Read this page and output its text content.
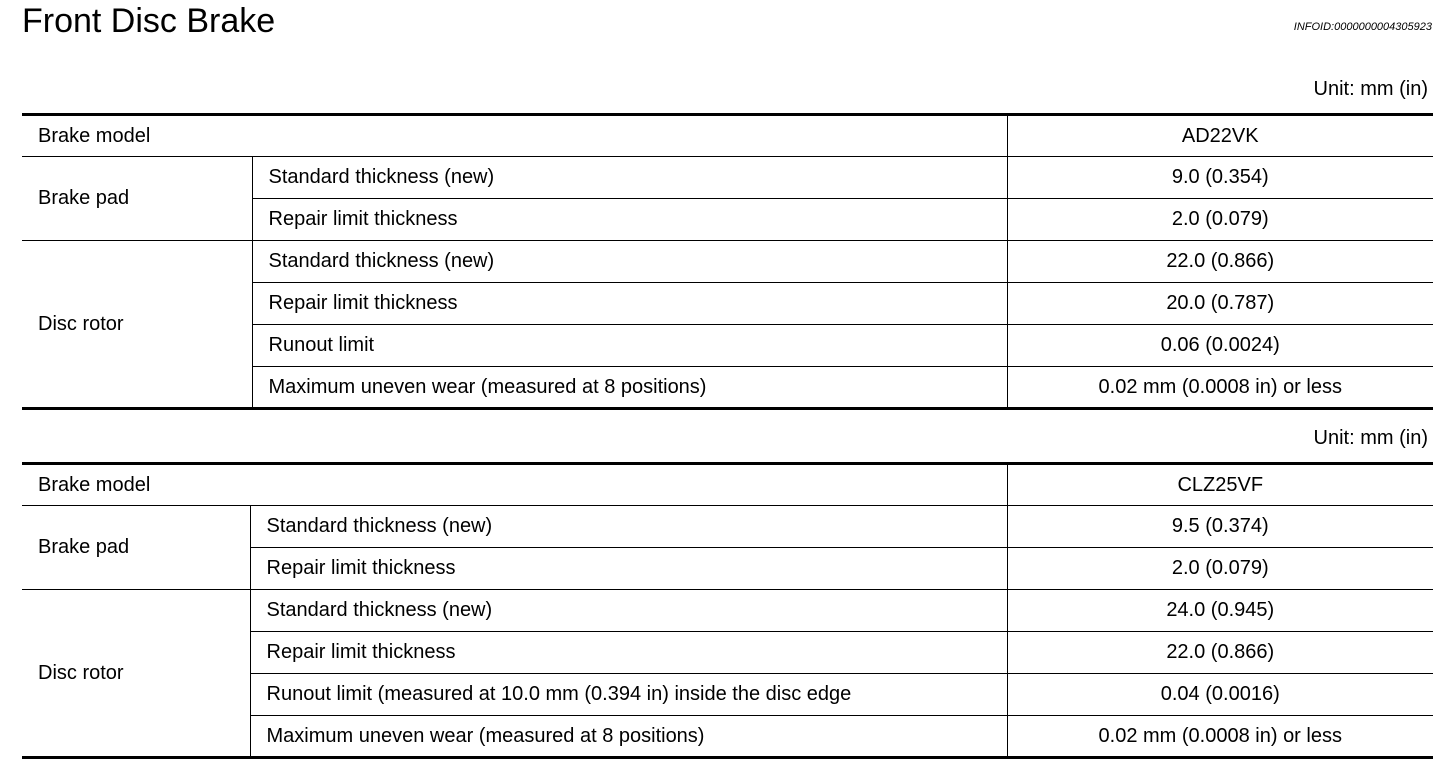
Front Disc Brake	INFOID:0000000004305923
Unit: mm (in)
Brake model		AD22VK
Brake pad	Standard thickness (new)	9.0 (0.354)
	Repair limit thickness	2.0 (0.079)
Disc rotor	Standard thickness (new)	22.0 (0.866)
	Repair limit thickness	20.0 (0.787)
	Runout limit	0.06 (0.0024)
	Maximum uneven wear (measured at 8 positions)	0.02 mm (0.0008 in) or less
Unit: mm (in)
Brake model		CLZ25VF
Brake pad	Standard thickness (new)	9.5 (0.374)
	Repair limit thickness	2.0 (0.079)
Disc rotor	Standard thickness (new)	24.0 (0.945)
	Repair limit thickness	22.0 (0.866)
	Runout limit (measured at 10.0 mm (0.394 in) inside the disc edge	0.04 (0.0016)
	Maximum uneven wear (measured at 8 positions)	0.02 mm (0.0008 in) or less
